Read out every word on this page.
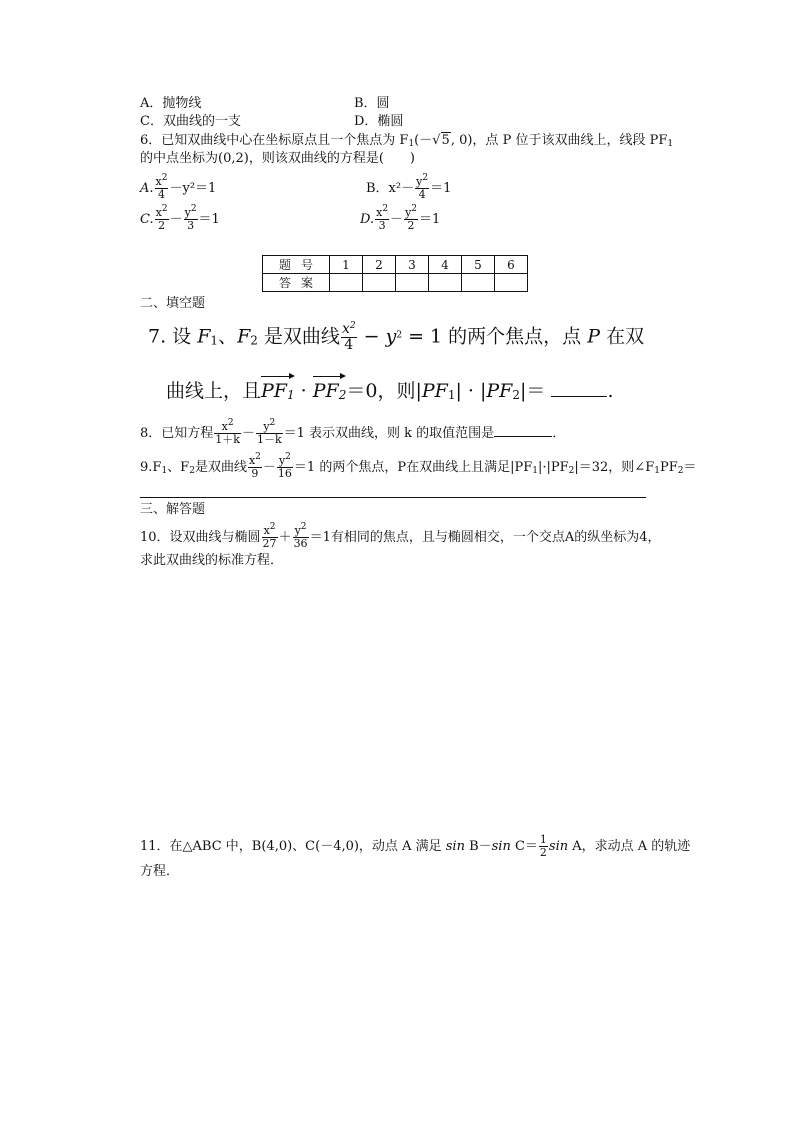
A．抛物线	B．圆
C．双曲线的一支	D．椭圆
6．已知双曲线中心在坐标原点且一个焦点为 $F_1(-√5$, 0)，点 P 位于该双曲线上，线段 $PF_1$
的中点坐标为(0,2)，则该双曲线的方程是(　　)
A. $\frac{x^2}{4} -y^2=1$	B．$x^2- \frac{y^2}{4} =1$
C. $\frac{x^2}{2} - \frac{y^2}{3} =1$	D. $\frac{x^2}{3} - \frac{y^2}{2} =1$
题号	1	2	3	4	5	6
答案						
二、填空题
7. 设 $F_1$、$F_2$ 是双曲线 $\frac{x^2}{4} - y^2 = 1$ 的两个焦点，点 P 在双
曲线上，且$PF_1 \cdot PF_2=0$，则$|PF_1| \cdot |PF_2|=$	.
8．已知方程 $\frac{x^2}{1+k} - \frac{y^2}{1-k} =1$ 表示双曲线，则 k 的取值范围是	．
$9.F_1$、$F_2$是双曲线 $\frac{x^2}{9} - \frac{y^2}{16} =1$ 的两个焦点，P在双曲线上且满足$|PF_1|\cdot|PF_2|=32$，则$\angle F_1PF_2=$
三、解答题
10．设双曲线与椭圆 $\frac{x^2}{27} + \frac{y^2}{36} =1$有相同的焦点，且与椭圆相交，一个交点A的纵坐标为4，
求此双曲线的标准方程．
11．在△ABC 中，B(4,0)、C(－4,0)，动点 A 满足 sin B－sin $C= \frac{1}{2}$ sin A，求动点 A 的轨迹
方程．
